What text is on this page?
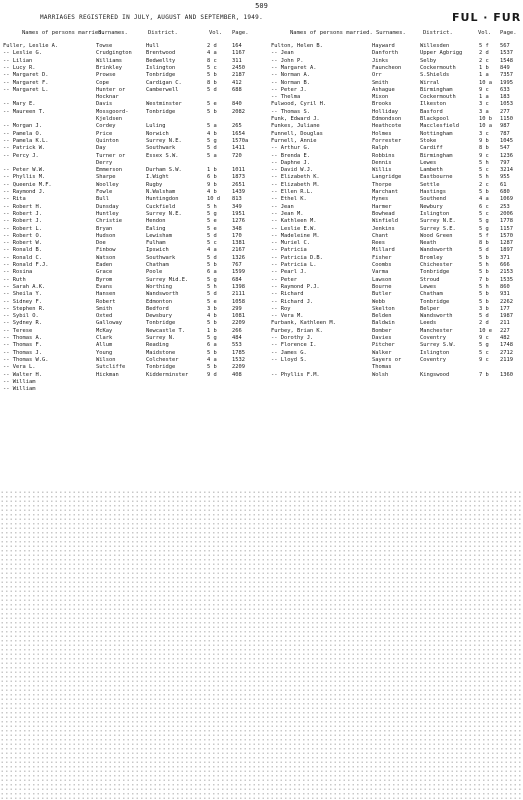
509
MARRIAGES REGISTERED IN JULY, AUGUST AND SEPTEMBER, 1949.	FUL · FUR
Names of persons married.
Surnames.	District.	Vol. Page.	Names of persons married. Surnames.	District.	Vol. Page.
Fuller, Leslie A.	Towse	Hull	2 d	164
-- Leslie G.	Crudgington	Brentwood	4 a	1167
-- Lilian	Williams	Bedwellty	8 c	311
-- Lucy R.	Brinkley	Islington	5 c	2450
-- Margaret D.	Prowse	Tonbridge	5 b	2187
-- Margaret F.	Cope	Cardigan C.	8 b	412
-- Margaret L.	Hunter or	Camberwell	5 d	688
Hocknar
-- Mary E.	Davis	Westminster	5 e	840
-- Maureen T.	Mossgoord-	Tonbridge	5 b	2082
Kjeldsen
-- Morgan J.	Cordey	Luling	5 a	265
-- Pamela O.	Price	Norwich	4 b	1654
-- Pamela K.L.	Quinton	Surrey N.E.	5 g	1570a
-- Patrick W.	Day	Southwark	5 d	1411
-- Percy J.	Turner or	Essex S.W.	5 a	720
Derry
-- Peter W.W.	Emmerson	Durham S.W.	1 b	1011
-- Phyllis M.	Sharpe	I.Wight	6 b	1873
-- Queenie M.F.	Woolley	Rugby	9 b	2651
-- Raymond J.	Fowle	N.Walsham	4 b	1439
-- Rita	Bull	Huntingdon	10 d 813
-- Robert H.	Dunsday	Cuckfield	5 h	349
-- Robert J.	Huntley	Surrey N.E.	5 g	1951
-- Robert J.	Christie	Hendon	5 e	1276
-- Robert L.	Bryan	Ealing	5 e	348
-- Robert O.	Hudson	Lewisham	5 d	170
-- Robert W.	Doe	Fulham	5 c	1381
-- Ronald B.	Finbow	Ipswich	4 a	2167
-- Ronald C.	Watson	Southwark	5 d	1326
-- Ronald F.J.	Eaden	Chatham	5 b	767
-- Rosina	Grace	Poole	6 a	1599
-- Ruth	Byrom	Surrey Mid.E.	5 g	684
-- Sarah A.K.	Evans	Worthing	5 h	1398
-- Sheila Y.	Hansen	Wandsworth	5 d	2111
-- Sidney F.	Robert	Edmonton	5 e	1058
-- Stephen R.	Smith	Bedford	3 b	299
-- Sybil O.	Oxted	Dewsbury	4 b	1081
-- Sydney R.	Galloway	Tonbridge	5 b	2209
-- Terese	McKay	Newcastle T.	1 b	266
-- Thomas A.	Clark	Surrey N.	5 g	484
-- Thomas F.	Allum	Reading	6 a	553
-- Thomas J.	Young	Maidstone	5 b	1785
-- Thomas W.G.	Wilson	Colchester	4 a	1532
-- Vera L.	Sutcliffe	Tonbridge	5 b	2209
-- Walter H.	Hickman	Kidderminster	9 d	408
-- William
-- William
Fulton, Helen B.	Hayward	Willesden	5 f 567
-- Jean	Danforth	Upper Agbrigg	2 d 1537
-- John P.	Jinks	Selby	2 c 1548
-- Margaret A.	Fauncheon	Cockermouth	1 b 849
-- Norman A.	Orr	S.Shields	1 a 7357
-- Norman B.	Smith	Wirral	10 a 1995
-- Peter J.	Ashague	Birmingham	9 c 633
-- Thelma	Mixon	Cockermouth	1 a 183
Fulwood, Cyril H.	Brooks	Ilkeston	3 c 1053
-- Thomas S.	Holliday	Basford	3 a 277
Funk, Edward J.	Edmondson	Blackpool	10 b 1150
Funkes, Juliane	Heathcote	Macclesfield	10 a 987
Funnell, Douglas	Holmes	Nottingham	3 c 787
Furnell, Annie	Forrester	Stoke	9 b 1045
-- Arthur G.	Ralph	Cardiff	8 b 547
-- Brenda E.	Robbins	Birmingham	9 c 1236
-- Daphne J.	Dennis	Lewes	5 h 797
-- David W.J.	Willis	Lambeth	5 c 3214
-- Elizabeth K.	Langridge	Eastbourne	5 h 955
-- Elizabeth M.	Thorpe	Settle	2 c 61
-- Ellen R.L.	Marchant	Hastings	5 b 680
-- Ethel K.	Hynes	Southend	4 a 1069
-- Jean	Harmer	Newbury	6 c 253
-- Jean M.	Bowhead	Islington	5 c 2006
-- Kathleen M.	Winfield	Surrey N.E.	5 g 1778
-- Leslie E.W.	Jenkins	Surrey S.E.	5 g 1157
-- Madeleine M.	Chant	Wood Green	5 f 1570
-- Muriel C.	Rees	Neath	8 b 1287
-- Patricia	Millard	Wandsworth	5 d 1897
-- Patricia D.B.	Fisher	Bromley	5 b 371
-- Patricia L.	Coombs	Chichester	5 h 666
-- Pearl J.	Varma	Tonbridge	5 b 2153
-- Peter	Lawson	Stroud	7 b 1535
-- Raymond P.J.	Bourne	Lewes	5 h 860
-- Richard	Butler	Chatham	5 b 931
-- Richard J.	Webb	Tonbridge	5 b 2262
-- Roy	Skelton	Belper	3 b 177
-- Vera M.	Belden	Wandsworth	5 d 1987
Furbank, Kathleen M.	Baldwin	Leeds	2 d 211
Furbey, Brian K.	Bomber	Manchester	10 e 227
-- Dorothy J.	Davies	Coventry	9 c 482
-- Florence I.	Pitcher	Surrey S.W.	5 g 1748
-- James G.	Walker	Islington	5 c 2712
-- Lloyd S.	Sayers or	Coventry	9 c 2119
Thomas
-- Phyllis F.M.	Wolsh	Kingswood	7 b 1360
